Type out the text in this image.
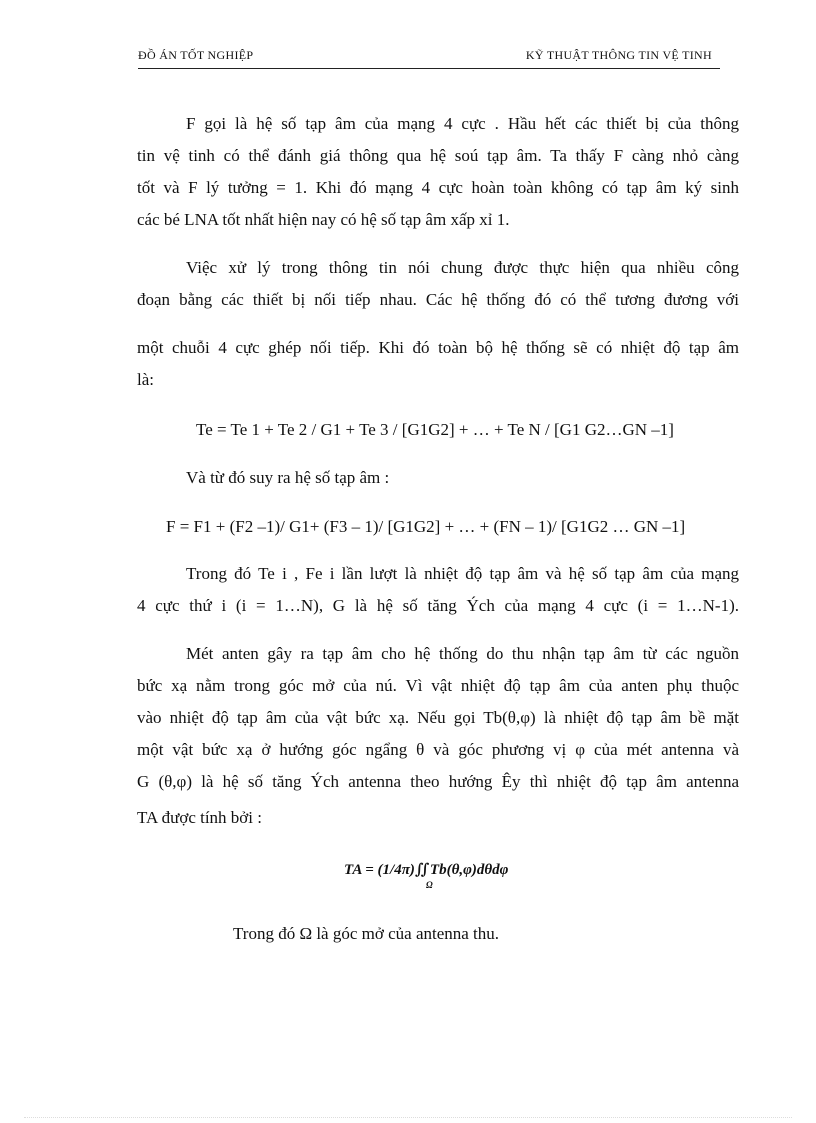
ĐỒ ÁN TỐT NGHIỆP	KỸ THUẬT THÔNG TIN VỆ TINH
F gọi là hệ số tạp âm của mạng 4 cực . Hầu hết các thiết bị của thông
tin vệ tinh có thể đánh giá thông qua hệ soú tạp âm. Ta thấy F càng nhỏ càng
tốt và F lý tưởng = 1. Khi đó mạng 4 cực hoàn toàn không có tạp âm ký sinh
các bé LNA tốt nhất hiện nay có hệ số tạp âm xấp xỉ 1.
Việc xử lý trong thông tin nói chung được thực hiện qua nhiều công
đoạn bằng các thiết bị nối tiếp nhau. Các hệ thống đó có thể tương đương với
một chuỗi 4 cực ghép nối tiếp. Khi đó toàn bộ hệ thống sẽ có nhiệt độ tạp âm
là:
Te = Te 1 + Te 2 / G1 + Te 3 / [G1G2] + … + Te N / [G1 G2…GN –1]
Và từ đó suy ra hệ số tạp âm :
F = F1 + (F2 –1)/ G1+ (F3 – 1)/ [G1G2] + … + (FN – 1)/ [G1G2 … GN –1]
Trong đó Te i , Fe i lần lượt là nhiệt độ tạp âm và hệ số tạp âm của mạng
4 cực thứ i (i = 1…N), G là hệ số tăng Ých của mạng 4 cực (i = 1…N-1).
Mét anten gây ra tạp âm cho hệ thống do thu nhận tạp âm từ các nguồn
bức xạ nằm trong góc mở của nú. Vì vật nhiệt độ tạp âm của anten phụ thuộc
vào nhiệt độ tạp âm của vật bức xạ. Nếu gọi Tb(θ,φ) là nhiệt độ tạp âm bề mặt
một vật bức xạ ở hướng góc ngẩng θ và góc phương vị φ của mét antenna và
G (θ,φ) là hệ số tăng Ých antenna theo hướng Êy thì nhiệt độ tạp âm antenna
TA được tính bởi :
TA = (1/4π)∬Tb(θ,φ)dθdφ
Ω
Trong đó Ω là góc mở của antenna thu.
